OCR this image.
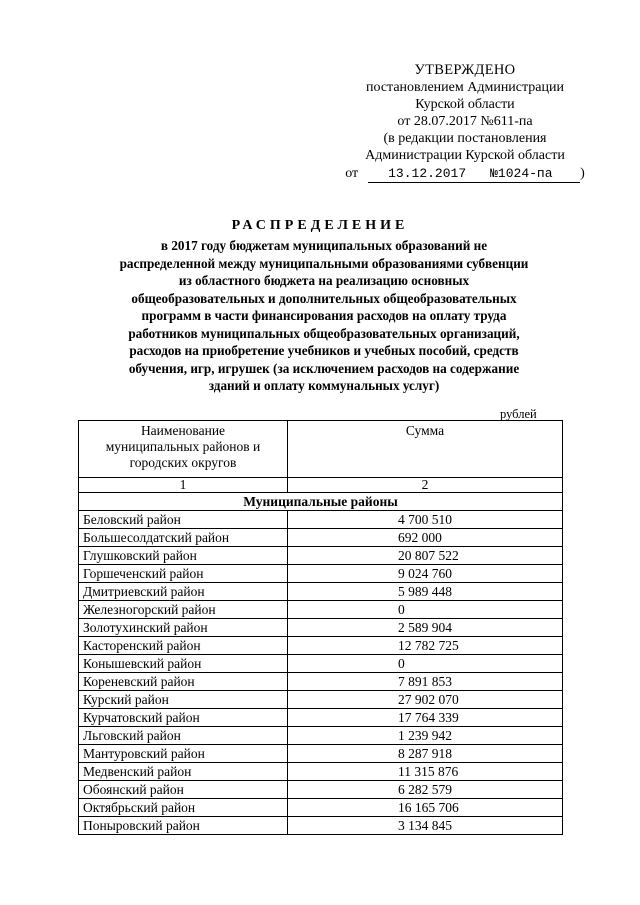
УТВЕРЖДЕНО
постановлением Администрации
Курской области
от 28.07.2017 №611-па
(в редакции постановления
Администрации Курской области
от	13.12.2017	№1024-па	)
РАСПРЕДЕЛЕНИЕ
в 2017 году бюджетам муниципальных образований не
распределенной между муниципальными образованиями субвенции
из областного бюджета на реализацию основных
общеобразовательных и дополнительных общеобразовательных
программ в части финансирования расходов на оплату труда
работников муниципальных общеобразовательных организаций,
расходов на приобретение учебников и учебных пособий, средств
обучения, игр, игрушек (за исключением расходов на содержание
зданий и оплату коммунальных услуг)
рублей
Наименование
муниципальных районов и
городских округов	Сумма
1	2
Муниципальные районы	
Беловский район	4 700 510
Большесолдатский район	692 000
Глушковский район	20 807 522
Горшеченский район	9 024 760
Дмитриевский район	5 989 448
Железногорский район	0
Золотухинский район	2 589 904
Касторенский район	12 782 725
Конышевский район	0
Кореневский район	7 891 853
Курский район	27 902 070
Курчатовский район	17 764 339
Льговский район	1 239 942
Мантуровский район	8 287 918
Медвенский район	11 315 876
Обоянский район	6 282 579
Октябрьский район	16 165 706
Поныровский район	3 134 845
